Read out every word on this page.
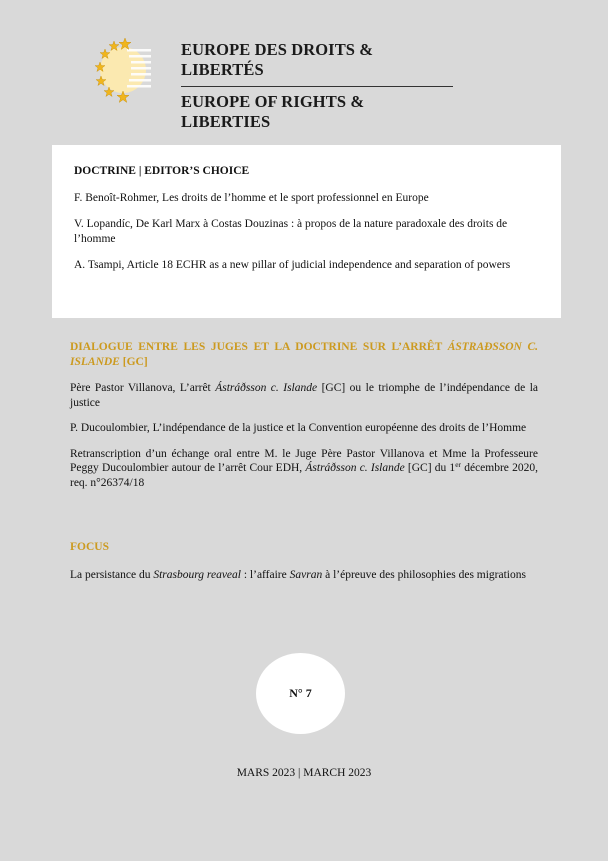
EUROPE DES DROITS & LIBERTÉS
EUROPE OF RIGHTS & LIBERTIES

DOCTRINE | EDITOR’S CHOICE

F. Benoît-Rohmer, Les droits de l’homme et le sport professionnel en Europe

V. Lopandíc, De Karl Marx à Costas Douzinas : à propos de la nature paradoxale des droits de l’homme

A. Tsampi, Article 18 ECHR as a new pillar of judicial independence and separation of powers

DIALOGUE ENTRE LES JUGES ET LA DOCTRINE SUR L’ARRÊT ÁSTRAÐSSON C. ISLANDE [GC]

Père Pastor Villanova, L’arrêt Ástráðsson c. Islande [GC] ou le triomphe de l’indépendance de la justice

P. Ducoulombier, L’indépendance de la justice et la Convention européenne des droits de l’Homme

Retranscription d’un échange oral entre M. le Juge Père Pastor Villanova et Mme la Professeure Peggy Ducoulombier autour de l’arrêt Cour EDH, Ástráðsson c. Islande [GC] du 1er décembre 2020, req. n°26374/18

FOCUS

La persistance du Strasbourg reaveal : l’affaire Savran à l’épreuve des philosophies des migrations

N° 7
MARS 2023 | MARCH 2023
